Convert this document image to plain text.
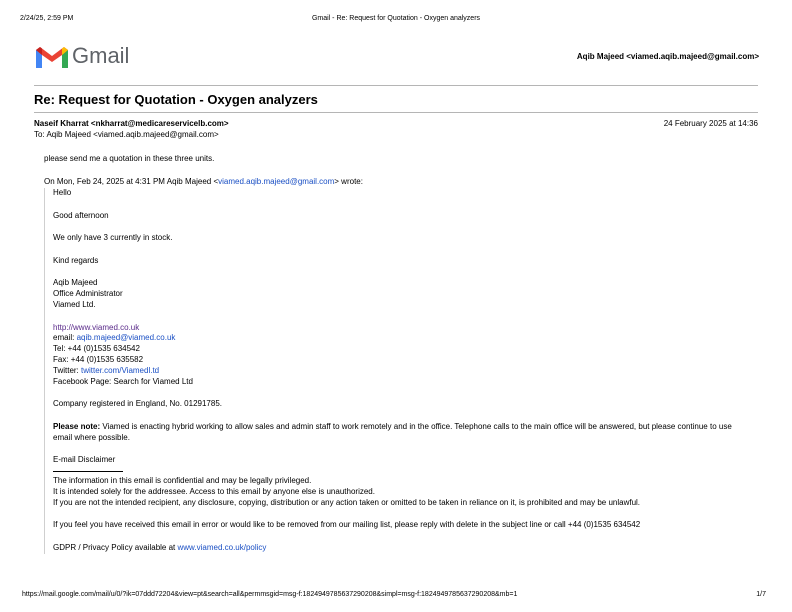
2/24/25, 2:59 PM	Gmail - Re: Request for Quotation - Oxygen analyzers
Gmail	Aqib Majeed <viamed.aqib.majeed@gmail.com>
Re: Request for Quotation - Oxygen analyzers
Naseif Kharrat <nkharrat@medicareservicelb.com>
To: Aqib Majeed <viamed.aqib.majeed@gmail.com>
24 February 2025 at 14:36
please send me a quotation in these three units.
On Mon, Feb 24, 2025 at 4:31 PM Aqib Majeed <viamed.aqib.majeed@gmail.com> wrote:
Hello
Good afternoon
We only have 3 currently in stock.
Kind regards
Aqib Majeed
Office Administrator
Viamed Ltd.
http://www.viamed.co.uk
email: aqib.majeed@viamed.co.uk
Tel: +44 (0)1535 634542
Fax: +44 (0)1535 635582
Twitter: twitter.com/Viamedl.td
Facebook Page: Search for Viamed Ltd
Company registered in England, No. 01291785.
Please note: Viamed is enacting hybrid working to allow sales and admin staff to work remotely and in the office. Telephone calls to the main office will be answered, but please continue to use email where possible.
E-mail Disclaimer
The information in this email is confidential and may be legally privileged.
It is intended solely for the addressee. Access to this email by anyone else is unauthorized.
If you are not the intended recipient, any disclosure, copying, distribution or any action taken or omitted to be taken in reliance on it, is prohibited and may be unlawful.
If you feel you have received this email in error or would like to be removed from our mailing list, please reply with delete in the subject line or call +44 (0)1535 634542
GDPR / Privacy Policy available at www.viamed.co.uk/policy
https://mail.google.com/mail/u/0/?ik=07ddd72204&view=pt&search=all&permmsgid=msg-f:1824949785637290208&simpl=msg-f:1824949785637290208&mb=1	1/7
